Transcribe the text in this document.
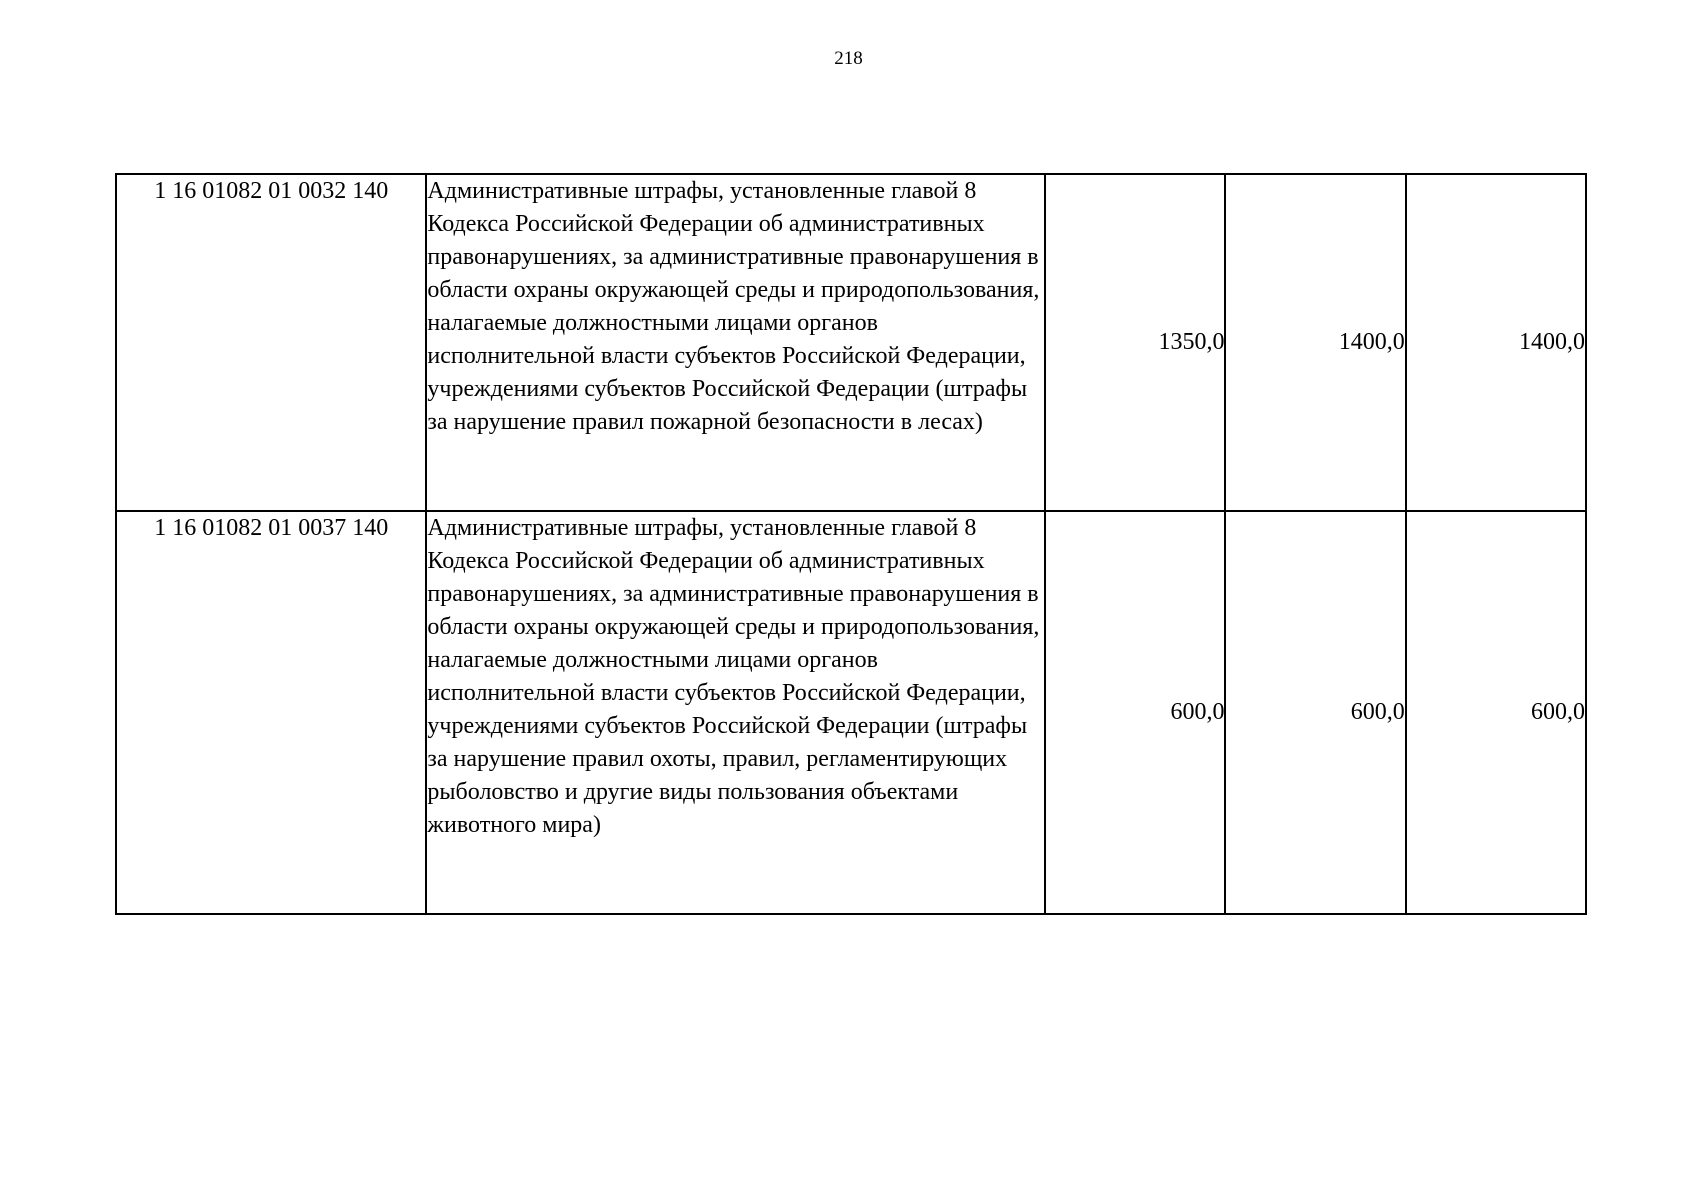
218
1 16 01082 01 0032 140	Административные штрафы, установленные главой 8 Кодекса Российской Федерации об административных правонарушениях, за административные правонарушения в области охраны окружающей среды и природопользования, налагаемые должностными лицами органов исполнительной власти субъектов Российской Федерации, учреждениями субъектов Российской Федерации (штрафы за нарушение правил пожарной безопасности в лесах)	1350,0	1400,0	1400,0
1 16 01082 01 0037 140	Административные штрафы, установленные главой 8 Кодекса Российской Федерации об административных правонарушениях, за административные правонарушения в области охраны окружающей среды и природопользования, налагаемые должностными лицами органов исполнительной власти субъектов Российской Федерации, учреждениями субъектов Российской Федерации (штрафы за нарушение правил охоты, правил, регламентирующих рыболовство и другие виды пользования объектами животного мира)	600,0	600,0	600,0
